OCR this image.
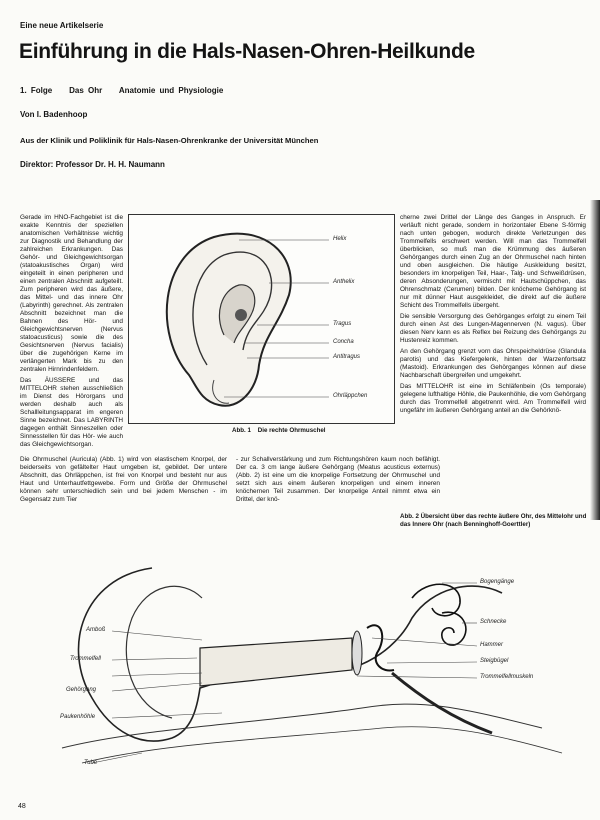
Eine neue Artikelserie
Einführung in die Hals-Nasen-Ohren-Heilkunde
1. Folge    Das Ohr    Anatomie und Physiologie
Von I. Badenhoop
Aus der Klinik und Poliklinik für Hals-Nasen-Ohrenkranke der Universität München
Direktor: Professor Dr. H. H. Naumann

Gerade im HNO-Fachgebiet ist die exakte Kenntnis der speziellen anatomischen Verhältnisse wichtig zur Diagnostik und Behandlung der zahlreichen Erkrankungen. Das Gehör- und Gleichgewichtsorgan (statoakustisches Organ) wird eingeteilt in einen peripheren und einen zentralen Abschnitt aufgeteilt. Zum peripheren wird das äußere, das Mittel- und das innere Ohr (Labyrinth) gerechnet. Als zentralen Abschnitt bezeichnet man die Bahnen des Hör- und Gleichgewichtsnerven (Nervus statoacusticus) sowie die des Gesichtsnerven (Nervus facialis) über die zugehörigen Kerne im verlängerten Mark bis zu den zentralen Hirnrindenfeldern.

Das ÄUSSERE und das MITTELOHR stehen ausschließlich im Dienst des Hörorgans und werden deshalb auch als Schallleitungsapparat im engeren Sinne bezeichnet. Das LABYRINTH dagegen enthält Sinneszellen oder Sinnesstellen für das Hör- wie auch das Gleichgewichtsorgan.

Helix
Anthelix
Tragus
Concha
Antitragus
Ohrläppchen
Abb. 1    Die rechte Ohrmuschel

Die Ohrmuschel (Auricula) (Abb. 1) wird von elastischem Knorpel, der beiderseits von gefältelter Haut umgeben ist, gebildet. Der untere Abschnitt, das Ohrläppchen, ist frei von Knorpel und besteht nur aus Haut und Unterhautfettgewebe. Form und Größe der Ohrmuschel können sehr unterschiedlich sein und bei jedem Menschen - im Gegensatz zum Tier

- zur Schallverstärkung und zum Richtungshören kaum noch befähigt. Der ca. 3 cm lange äußere Gehörgang (Meatus acusticus externus) (Abb. 2) ist eine um die knorpelige Fortsetzung der Ohrmuschel und setzt sich aus einem äußeren knorpeligen und einem inneren knöchernen Teil zusammen. Der knorpelige Anteil nimmt etwa ein Drittel, der knö-

cherne zwei Drittel der Länge des Ganges in Anspruch. Er verläuft nicht gerade, sondern in horizontaler Ebene S-förmig nach unten gebogen, wodurch direkte Verletzungen des Trommelfells erschwert werden. Will man das Trommelfell überblicken, so muß man die Krümmung des äußeren Gehörganges durch einen Zug an der Ohrmuschel nach hinten und oben ausgleichen. Die häutige Auskleidung besitzt, besonders im knorpeligen Teil, Haar-, Talg- und Schweißdrüsen, deren Absonderungen, vermischt mit Hautschüppchen, das Ohrenschmalz (Cerumen) bilden. Der knöcherne Gehörgang ist nur mit dünner Haut ausgekleidet, die direkt auf die äußere Schicht des Trommelfells übergeht.

Die sensible Versorgung des Gehörganges erfolgt zu einem Teil durch einen Ast des Lungen-Magennerven (N. vagus). Über diesen Nerv kann es als Reflex bei Reizung des Gehörgangs zu Hustenreiz kommen.

An den Gehörgang grenzt vorn das Ohrspeicheldrüse (Glandula parotis) und das Kiefergelenk, hinten der Warzenfortsatz (Mastoid). Erkrankungen des Gehörganges können auf diese Nachbarschaft übergreifen und umgekehrt.

Das MITTELOHR ist eine im Schläfenbein (Os temporale) gelegene lufthaltige Höhle, die Paukenhöhle, die vom Gehörgang durch das Trommelfell abgetrennt wird. Am Trommelfell wird ungefähr im äußeren Gehörgang anteil an die Gehörknö-

Abb. 2 Übersicht über das rechte äußere Ohr, des Mittelohr und das Innere Ohr (nach Benninghoff-Goerttler)
Bogengänge
Schnecke
Hammer
Amboß
Steigbügel
Trommelfell
Trommelfellmuskeln
Gehörgang
Paukenhöhle
Tube
48
